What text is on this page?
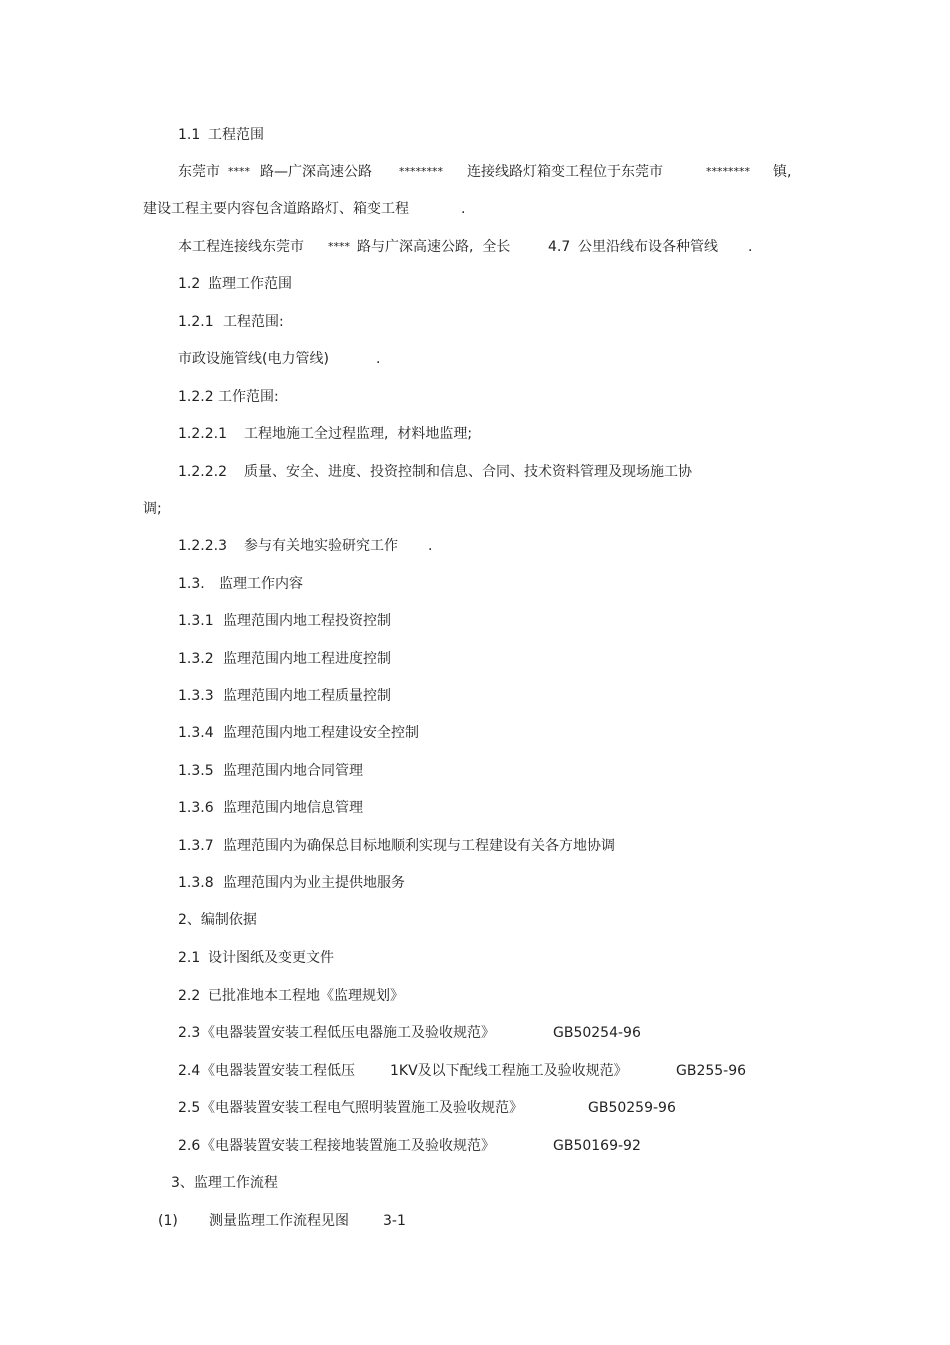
1.1

工程范围

东莞市

****

路—广深高速公路

********

连接线路灯箱变工程位于东莞市

	********

镇,

建设工程主要内容包含道路路灯、箱变工程

	.

本工程连接线东莞市

****

路与广深高速公路,  全长

	4.7

公里沿线布设各种管线

.

1.2

监理工作范围

1.2.1

工程范围:

市政设施管线(电力管线)

	.

1.2.2

工作范围:

1.2.2.1

工程地施工全过程监理,  材料地监理;

1.2.2.2

质量、安全、进度、投资控制和信息、合同、技术资料管理及现场施工协

调;

1.2.2.3

参与有关地实验研究工作

.

1.3.

监理工作内容

1.3.1

监理范围内地工程投资控制

1.3.2

监理范围内地工程进度控制

1.3.3

监理范围内地工程质量控制

1.3.4

监理范围内地工程建设安全控制

1.3.5

监理范围内地合同管理

1.3.6

监理范围内地信息管理

1.3.7

监理范围内为确保总目标地顺利实现与工程建设有关各方地协调

1.3.8

监理范围内为业主提供地服务

2、编制依据

2.1

设计图纸及变更文件

2.2

已批准地本工程地《监理规划》

2.3

《电器装置安装工程低压电器施工及验收规范》

	GB50254-96

2.4

《电器装置安装工程低压

	1KV及以下配线工程施工及验收规范》

	GB255-96

2.5

《电器装置安装工程电气照明装置施工及验收规范》

	GB50259-96

2.6

《电器装置安装工程接地装置施工及验收规范》

	GB50169-92

3、监理工作流程

(1)

测量监理工作流程见图

3-1
